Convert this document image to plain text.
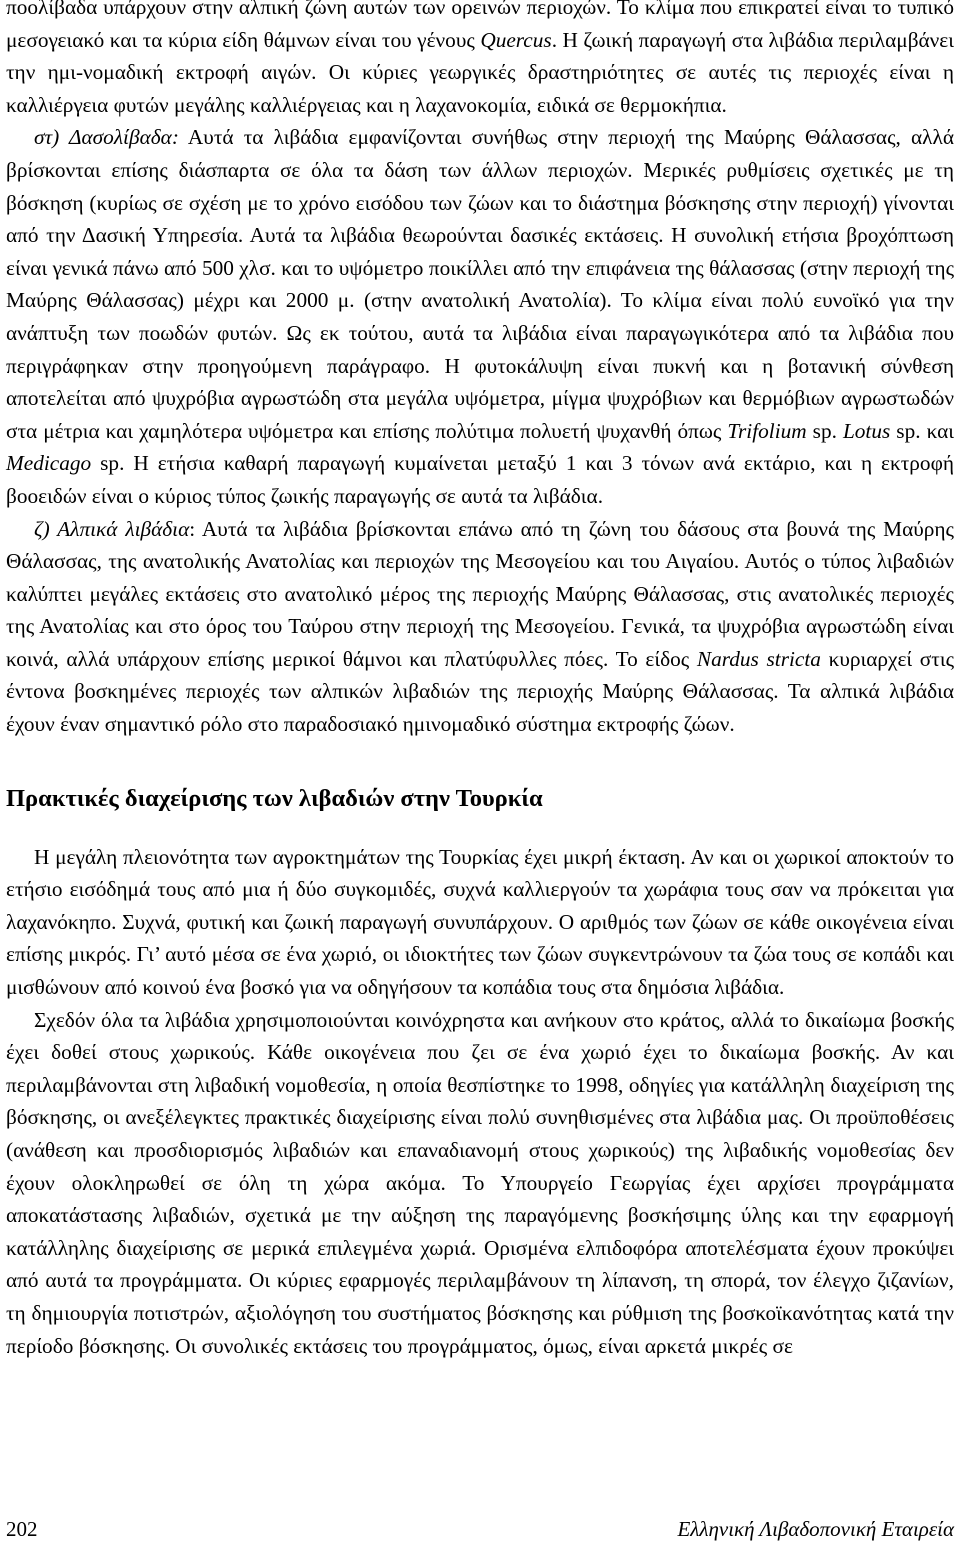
ποολίβαδα υπάρχουν στην αλπική ζώνη αυτών των ορεινών περιοχών. Το κλίμα που επικρατεί είναι το τυπικό μεσογειακό και τα κύρια είδη θάμνων είναι του γένους Quercus. Η ζωική παραγωγή στα λιβάδια περιλαμβάνει την ημι-νομαδική εκτροφή αιγών. Οι κύριες γεωργικές δραστηριότητες σε αυτές τις περιοχές είναι η καλλιέργεια φυτών μεγάλης καλλιέργειας και η λαχανοκομία, ειδικά σε θερμοκήπια.

στ) Δασολίβαδα: Αυτά τα λιβάδια εμφανίζονται συνήθως στην περιοχή της Μαύρης Θάλασσας, αλλά βρίσκονται επίσης διάσπαρτα σε όλα τα δάση των άλλων περιοχών. Μερικές ρυθμίσεις σχετικές με τη βόσκηση (κυρίως σε σχέση με το χρόνο εισόδου των ζώων και το διάστημα βόσκησης στην περιοχή) γίνονται από την Δασική Υπηρεσία. Αυτά τα λιβάδια θεωρούνται δασικές εκτάσεις. Η συνολική ετήσια βροχόπτωση είναι γενικά πάνω από 500 χλσ. και το υψόμετρο ποικίλλει από την επιφάνεια της θάλασσας (στην περιοχή της Μαύρης Θάλασσας) μέχρι και 2000 μ. (στην ανατολική Ανατολία). Το κλίμα είναι πολύ ευνοϊκό για την ανάπτυξη των ποωδών φυτών. Ως εκ τούτου, αυτά τα λιβάδια είναι παραγωγικότερα από τα λιβάδια που περιγράφηκαν στην προηγούμενη παράγραφο. Η φυτοκάλυψη είναι πυκνή και η βοτανική σύνθεση αποτελείται από ψυχρόβια αγρωστώδη στα μεγάλα υψόμετρα, μίγμα ψυχρόβιων και θερμόβιων αγρωστωδών στα μέτρια και χαμηλότερα υψόμετρα και επίσης πολύτιμα πολυετή ψυχανθή όπως Trifolium sp. Lotus sp. και Medicago sp. Η ετήσια καθαρή παραγωγή κυμαίνεται μεταξύ 1 και 3 τόνων ανά εκτάριο, και η εκτροφή βοοειδών είναι ο κύριος τύπος ζωικής παραγωγής σε αυτά τα λιβάδια.

ζ) Αλπικά λιβάδια: Αυτά τα λιβάδια βρίσκονται επάνω από τη ζώνη του δάσους στα βουνά της Μαύρης Θάλασσας, της ανατολικής Ανατολίας και περιοχών της Μεσογείου και του Αιγαίου. Αυτός ο τύπος λιβαδιών καλύπτει μεγάλες εκτάσεις στο ανατολικό μέρος της περιοχής Μαύρης Θάλασσας, στις ανατολικές περιοχές της Ανατολίας και στο όρος του Ταύρου στην περιοχή της Μεσογείου. Γενικά, τα ψυχρόβια αγρωστώδη είναι κοινά, αλλά υπάρχουν επίσης μερικοί θάμνοι και πλατύφυλλες πόες. Το είδος Nardus stricta κυριαρχεί στις έντονα βοσκημένες περιοχές των αλπικών λιβαδιών της περιοχής Μαύρης Θάλασσας. Τα αλπικά λιβάδια έχουν έναν σημαντικό ρόλο στο παραδοσιακό ημινομαδικό σύστημα εκτροφής ζώων.

Πρακτικές διαχείρισης των λιβαδιών στην Τουρκία

Η μεγάλη πλειονότητα των αγροκτημάτων της Τουρκίας έχει μικρή έκταση. Αν και οι χωρικοί αποκτούν το ετήσιο εισόδημά τους από μια ή δύο συγκομιδές, συχνά καλλιεργούν τα χωράφια τους σαν να πρόκειται για λαχανόκηπο. Συχνά, φυτική και ζωική παραγωγή συνυπάρχουν. Ο αριθμός των ζώων σε κάθε οικογένεια είναι επίσης μικρός. Γι’ αυτό μέσα σε ένα χωριό, οι ιδιοκτήτες των ζώων συγκεντρώνουν τα ζώα τους σε κοπάδι και μισθώνουν από κοινού ένα βοσκό για να οδηγήσουν τα κοπάδια τους στα δημόσια λιβάδια.

Σχεδόν όλα τα λιβάδια χρησιμοποιούνται κοινόχρηστα και ανήκουν στο κράτος, αλλά το δικαίωμα βοσκής έχει δοθεί στους χωρικούς. Κάθε οικογένεια που ζει σε ένα χωριό έχει το δικαίωμα βοσκής. Αν και περιλαμβάνονται στη λιβαδική νομοθεσία, η οποία θεσπίστηκε το 1998, οδηγίες για κατάλληλη διαχείριση της βόσκησης, οι ανεξέλεγκτες πρακτικές διαχείρισης είναι πολύ συνηθισμένες στα λιβάδια μας. Οι προϋποθέσεις (ανάθεση και προσδιορισμός λιβαδιών και επαναδιανομή στους χωρικούς) της λιβαδικής νομοθεσίας δεν έχουν ολοκληρωθεί σε όλη τη χώρα ακόμα. Το Υπουργείο Γεωργίας έχει αρχίσει προγράμματα αποκατάστασης λιβαδιών, σχετικά με την αύξηση της παραγόμενης βοσκήσιμης ύλης και την εφαρμογή κατάλληλης διαχείρισης σε μερικά επιλεγμένα χωριά. Ορισμένα ελπιδοφόρα αποτελέσματα έχουν προκύψει από αυτά τα προγράμματα. Οι κύριες εφαρμογές περιλαμβάνουν τη λίπανση, τη σπορά, τον έλεγχο ζιζανίων, τη δημιουργία ποτιστρών, αξιολόγηση του συστήματος βόσκησης και ρύθμιση της βοσκοϊκανότητας κατά την περίοδο βόσκησης. Οι συνολικές εκτάσεις του προγράμματος, όμως, είναι αρκετά μικρές σε

202	Ελληνική Λιβαδοπονική Εταιρεία
